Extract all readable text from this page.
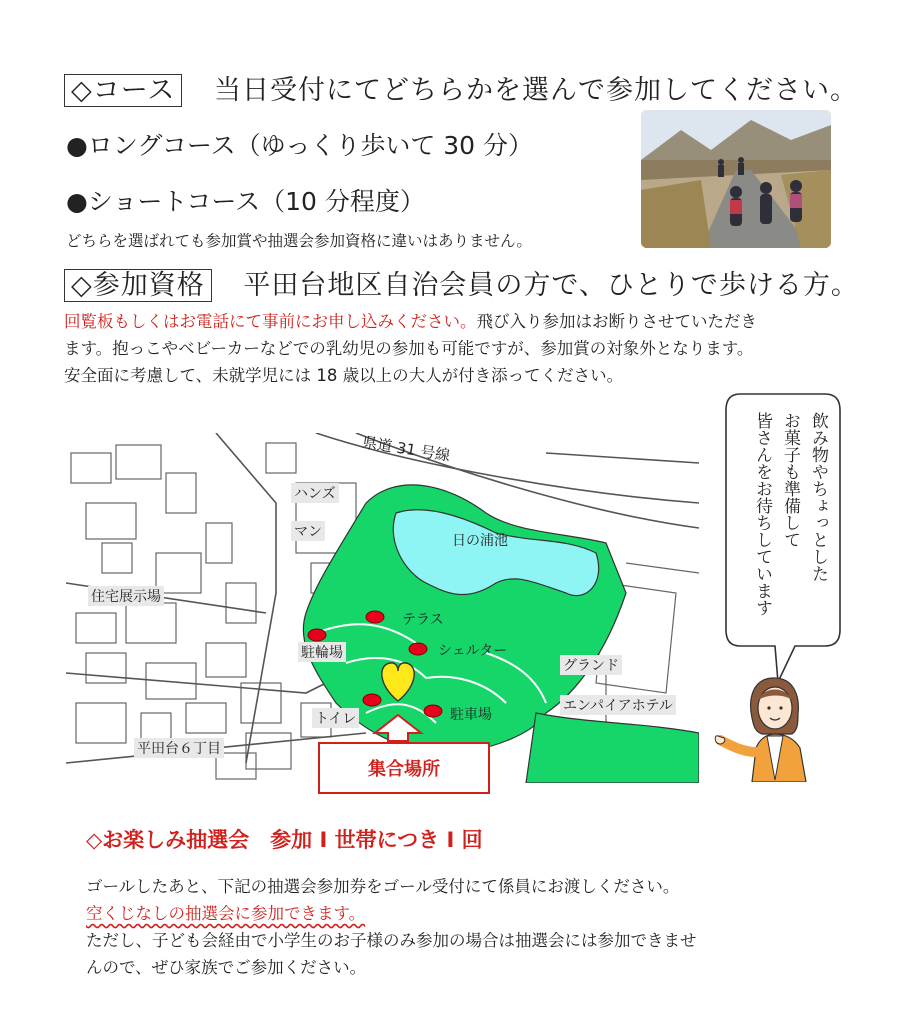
◇コース 当日受付にてどちらかを選んで参加してください。
●ロングコース（ゆっくり歩いて 30 分）
●ショートコース（10 分程度）
どちらを選ばれても参加賞や抽選会参加資格に違いはありません。
◇参加資格 平田台地区自治会員の方で、ひとりで歩ける方。
回覧板もしくはお電話にて事前にお申し込みください。飛び入り参加はお断りさせていただき
ます。抱っこやベビーカーなどでの乳幼児の参加も可能ですが、参加賞の対象外となります。
安全面に考慮して、未就学児には 18 歳以上の大人が付き添ってください。
県道 31 号線
ハンズ
マン
日の浦池
住宅展示場
テラス
シェルター
駐輪場
トイレ	駐車場
グランド
エンパイアホテル
平田台６丁目
集合場所
飲み物やちょっとした
お菓子も準備して
皆さんをお待ちしています
◇お楽しみ抽選会　参加 Ⅰ 世帯につき Ⅰ 回
ゴールしたあと、下記の抽選会参加券をゴール受付にて係員にお渡しください。
空くじなしの抽選会に参加できます。
ただし、子ども会経由で小学生のお子様のみ参加の場合は抽選会には参加できませ
んので、ぜひ家族でご参加ください。
